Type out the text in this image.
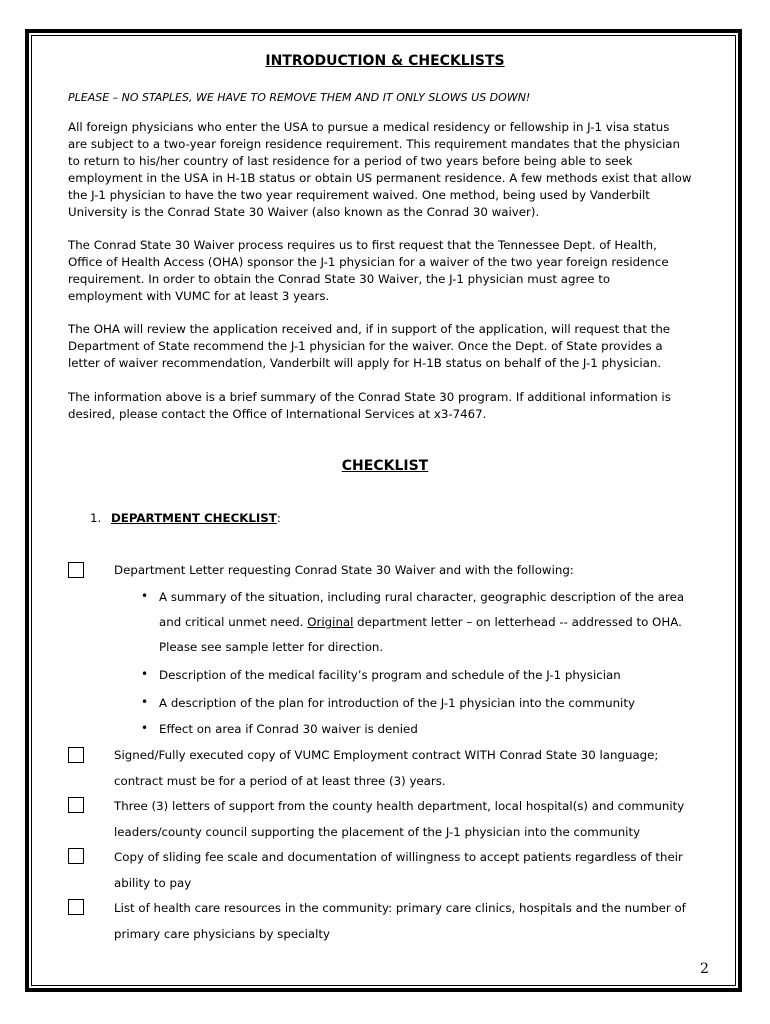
INTRODUCTION & CHECKLISTS
PLEASE – NO STAPLES, WE HAVE TO REMOVE THEM AND IT ONLY SLOWS US DOWN!
All foreign physicians who enter the USA to pursue a medical residency or fellowship in J-1 visa status
are subject to a two-year foreign residence requirement. This requirement mandates that the physician
to return to his/her country of last residence for a period of two years before being able to seek
employment in the USA in H-1B status or obtain US permanent residence. A few methods exist that allow
the J-1 physician to have the two year requirement waived. One method, being used by Vanderbilt
University is the Conrad State 30 Waiver (also known as the Conrad 30 waiver).
The Conrad State 30 Waiver process requires us to first request that the Tennessee Dept. of Health,
Office of Health Access (OHA) sponsor the J-1 physician for a waiver of the two year foreign residence
requirement. In order to obtain the Conrad State 30 Waiver, the J-1 physician must agree to
employment with VUMC for at least 3 years.
The OHA will review the application received and, if in support of the application, will request that the
Department of State recommend the J-1 physician for the waiver. Once the Dept. of State provides a
letter of waiver recommendation, Vanderbilt will apply for H-1B status on behalf of the J-1 physician.
The information above is a brief summary of the Conrad State 30 program. If additional information is
desired, please contact the Office of International Services at x3-7467.
CHECKLIST
1. DEPARTMENT CHECKLIST:
Department Letter requesting Conrad State 30 Waiver and with the following:
• A summary of the situation, including rural character, geographic description of the area
and critical unmet need. Original department letter – on letterhead -- addressed to OHA.
Please see sample letter for direction.
• Description of the medical facility’s program and schedule of the J-1 physician
• A description of the plan for introduction of the J-1 physician into the community
• Effect on area if Conrad 30 waiver is denied
Signed/Fully executed copy of VUMC Employment contract WITH Conrad State 30 language;
contract must be for a period of at least three (3) years.
Three (3) letters of support from the county health department, local hospital(s) and community
leaders/county council supporting the placement of the J-1 physician into the community
Copy of sliding fee scale and documentation of willingness to accept patients regardless of their
ability to pay
List of health care resources in the community: primary care clinics, hospitals and the number of
primary care physicians by specialty
2
